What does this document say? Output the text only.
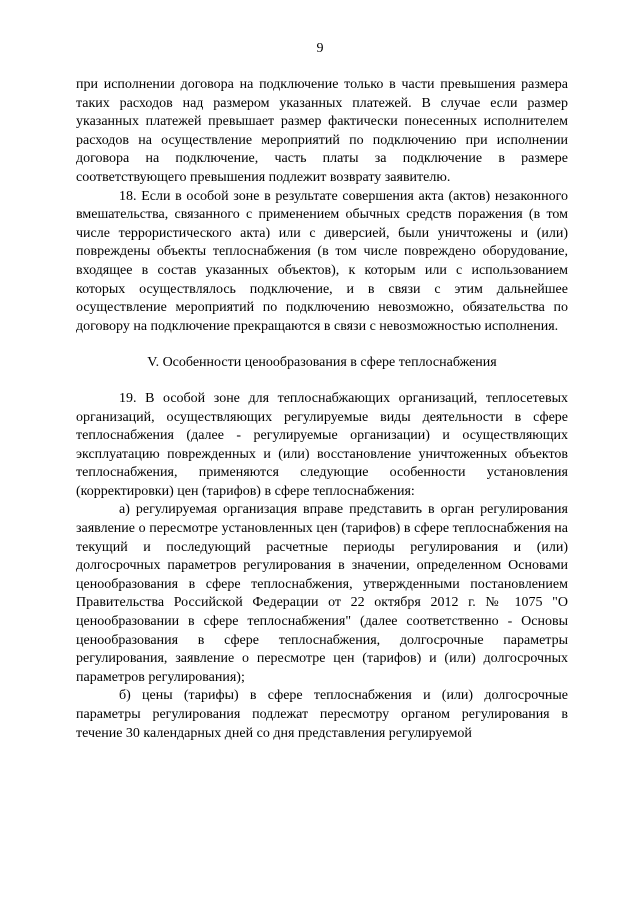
9

при исполнении договора на подключение только в части превышения размера таких расходов над размером указанных платежей. В случае если размер указанных платежей превышает размер фактически понесенных исполнителем расходов на осуществление мероприятий по подключению при исполнении договора на подключение, часть платы за подключение в размере соответствующего превышения подлежит возврату заявителю.

18. Если в особой зоне в результате совершения акта (актов) незаконного вмешательства, связанного с применением обычных средств поражения (в том числе террористического акта) или с диверсией, были уничтожены и (или) повреждены объекты теплоснабжения (в том числе повреждено оборудование, входящее в состав указанных объектов), к которым или с использованием которых осуществлялось подключение, и в связи с этим дальнейшее осуществление мероприятий по подключению невозможно, обязательства по договору на подключение прекращаются в связи с невозможностью исполнения.

V. Особенности ценообразования в сфере теплоснабжения

19. В особой зоне для теплоснабжающих организаций, теплосетевых организаций, осуществляющих регулируемые виды деятельности в сфере теплоснабжения (далее - регулируемые организации) и осуществляющих эксплуатацию поврежденных и (или) восстановление уничтоженных объектов теплоснабжения, применяются следующие особенности установления (корректировки) цен (тарифов) в сфере теплоснабжения:

а) регулируемая организация вправе представить в орган регулирования заявление о пересмотре установленных цен (тарифов) в сфере теплоснабжения на текущий и последующий расчетные периоды регулирования и (или) долгосрочных параметров регулирования в значении, определенном Основами ценообразования в сфере теплоснабжения, утвержденными постановлением Правительства Российской Федерации от 22 октября 2012 г. № 1075 "О ценообразовании в сфере теплоснабжения" (далее соответственно - Основы ценообразования в сфере теплоснабжения, долгосрочные параметры регулирования, заявление о пересмотре цен (тарифов) и (или) долгосрочных параметров регулирования);

б) цены (тарифы) в сфере теплоснабжения и (или) долгосрочные параметры регулирования подлежат пересмотру органом регулирования в течение 30 календарных дней со дня представления регулируемой
